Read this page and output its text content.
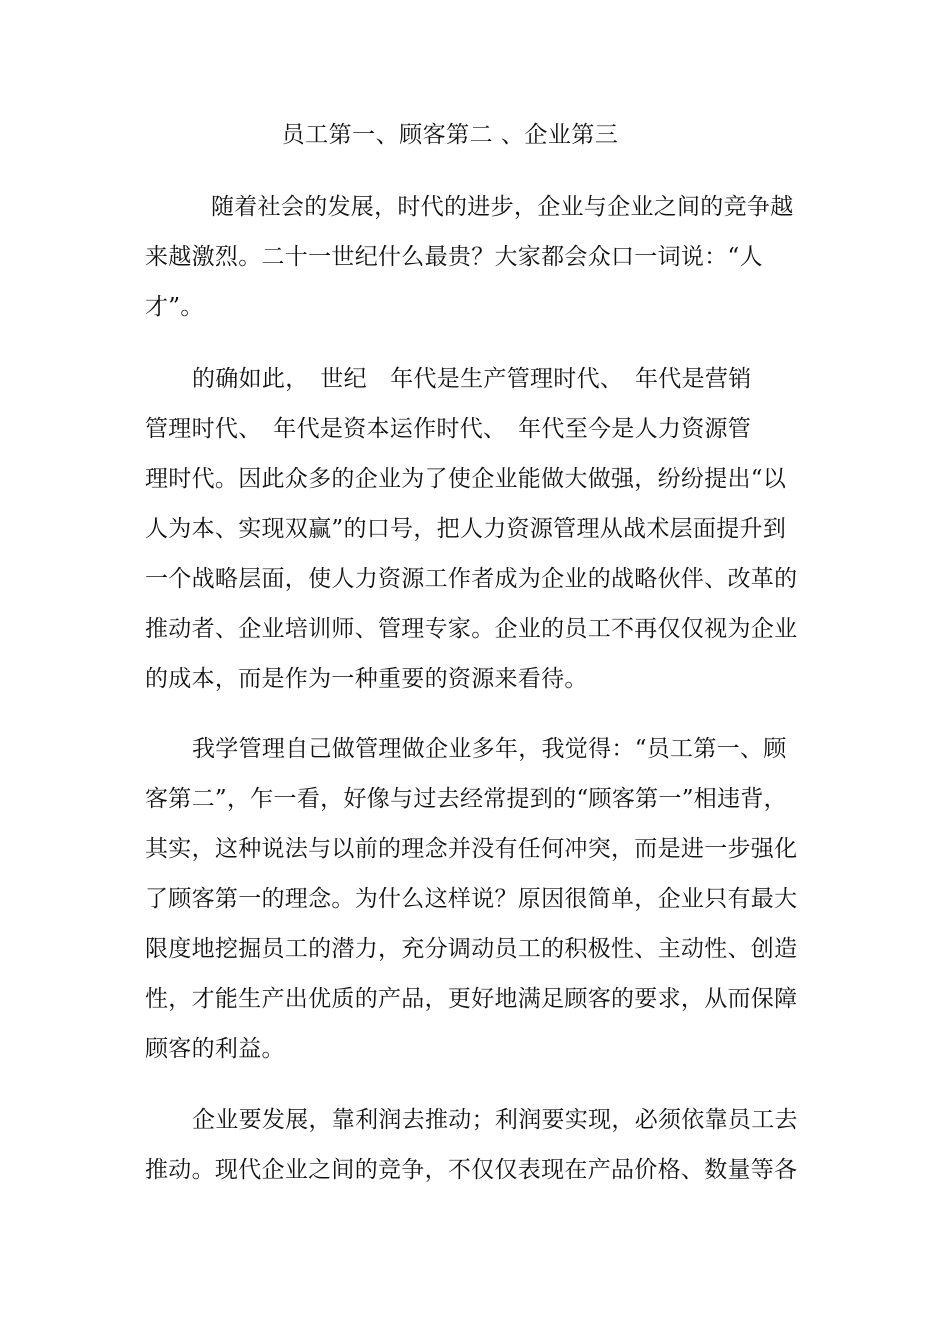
员工第一、顾客第二 、企业第三
随着社会的发展，时代的进步，企业与企业之间的竞争越
来越激烈。二十一世纪什么最贵？大家都会众口一词说：“人
才”。
的确如此，　世纪　年代是生产管理时代、　年代是营销
管理时代、　年代是资本运作时代、　年代至今是人力资源管
理时代。因此众多的企业为了使企业能做大做强，纷纷提出“以
人为本、实现双赢”的口号，把人力资源管理从战术层面提升到
一个战略层面，使人力资源工作者成为企业的战略伙伴、改革的
推动者、企业培训师、管理专家。企业的员工不再仅仅视为企业
的成本，而是作为一种重要的资源来看待。
我学管理自己做管理做企业多年，我觉得：“员工第一、顾
客第二”，乍一看，好像与过去经常提到的“顾客第一”相违背，
其实，这种说法与以前的理念并没有任何冲突，而是进一步强化
了顾客第一的理念。为什么这样说？原因很简单，企业只有最大
限度地挖掘员工的潜力，充分调动员工的积极性、主动性、创造
性，才能生产出优质的产品，更好地满足顾客的要求，从而保障
顾客的利益。
企业要发展，靠利润去推动；利润要实现，必须依靠员工去
推动。现代企业之间的竞争，不仅仅表现在产品价格、数量等各
